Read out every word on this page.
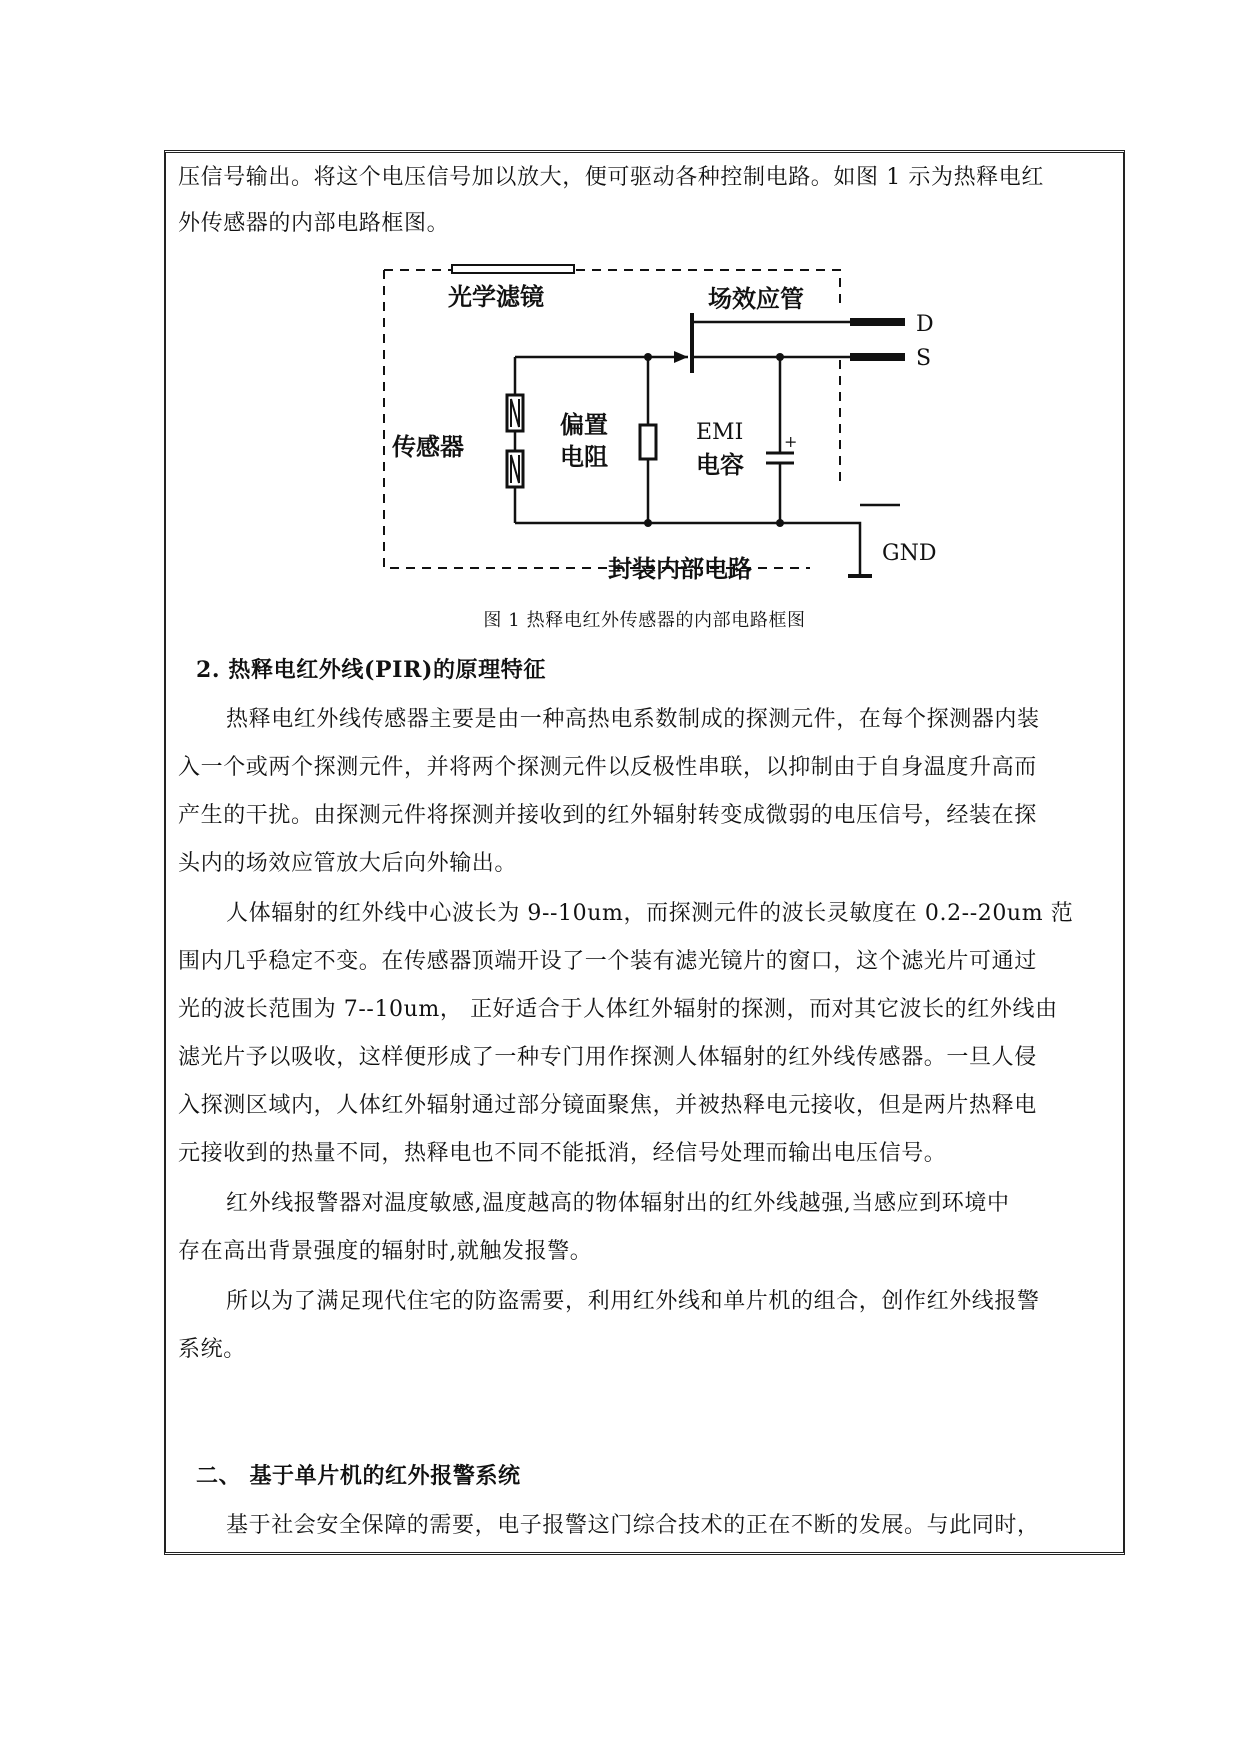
压信号输出。将这个电压信号加以放大，便可驱动各种控制电路。如图 1 示为热释电红
外传感器的内部电路框图。
光学滤镜	场效应管
D
S
传感器
偏置
电阻
EMI
电容
+
封装内部电路
GND
图 1 热释电红外传感器的内部电路框图
2. 热释电红外线(PIR)的原理特征
热释电红外线传感器主要是由一种高热电系数制成的探测元件，在每个探测器内装
入一个或两个探测元件，并将两个探测元件以反极性串联，以抑制由于自身温度升高而
产生的干扰。由探测元件将探测并接收到的红外辐射转变成微弱的电压信号，经装在探
头内的场效应管放大后向外输出。
人体辐射的红外线中心波长为 9--10um，而探测元件的波长灵敏度在 0.2--20um 范
围内几乎稳定不变。在传感器顶端开设了一个装有滤光镜片的窗口，这个滤光片可通过
光的波长范围为 7--10um， 正好适合于人体红外辐射的探测，而对其它波长的红外线由
滤光片予以吸收，这样便形成了一种专门用作探测人体辐射的红外线传感器。一旦人侵
入探测区域内，人体红外辐射通过部分镜面聚焦，并被热释电元接收，但是两片热释电
元接收到的热量不同，热释电也不同不能抵消，经信号处理而输出电压信号。
红外线报警器对温度敏感,温度越高的物体辐射出的红外线越强,当感应到环境中
存在高出背景强度的辐射时,就触发报警。
所以为了满足现代住宅的防盗需要，利用红外线和单片机的组合，创作红外线报警
系统。
二、 基于单片机的红外报警系统
基于社会安全保障的需要，电子报警这门综合技术的正在不断的发展。与此同时，
